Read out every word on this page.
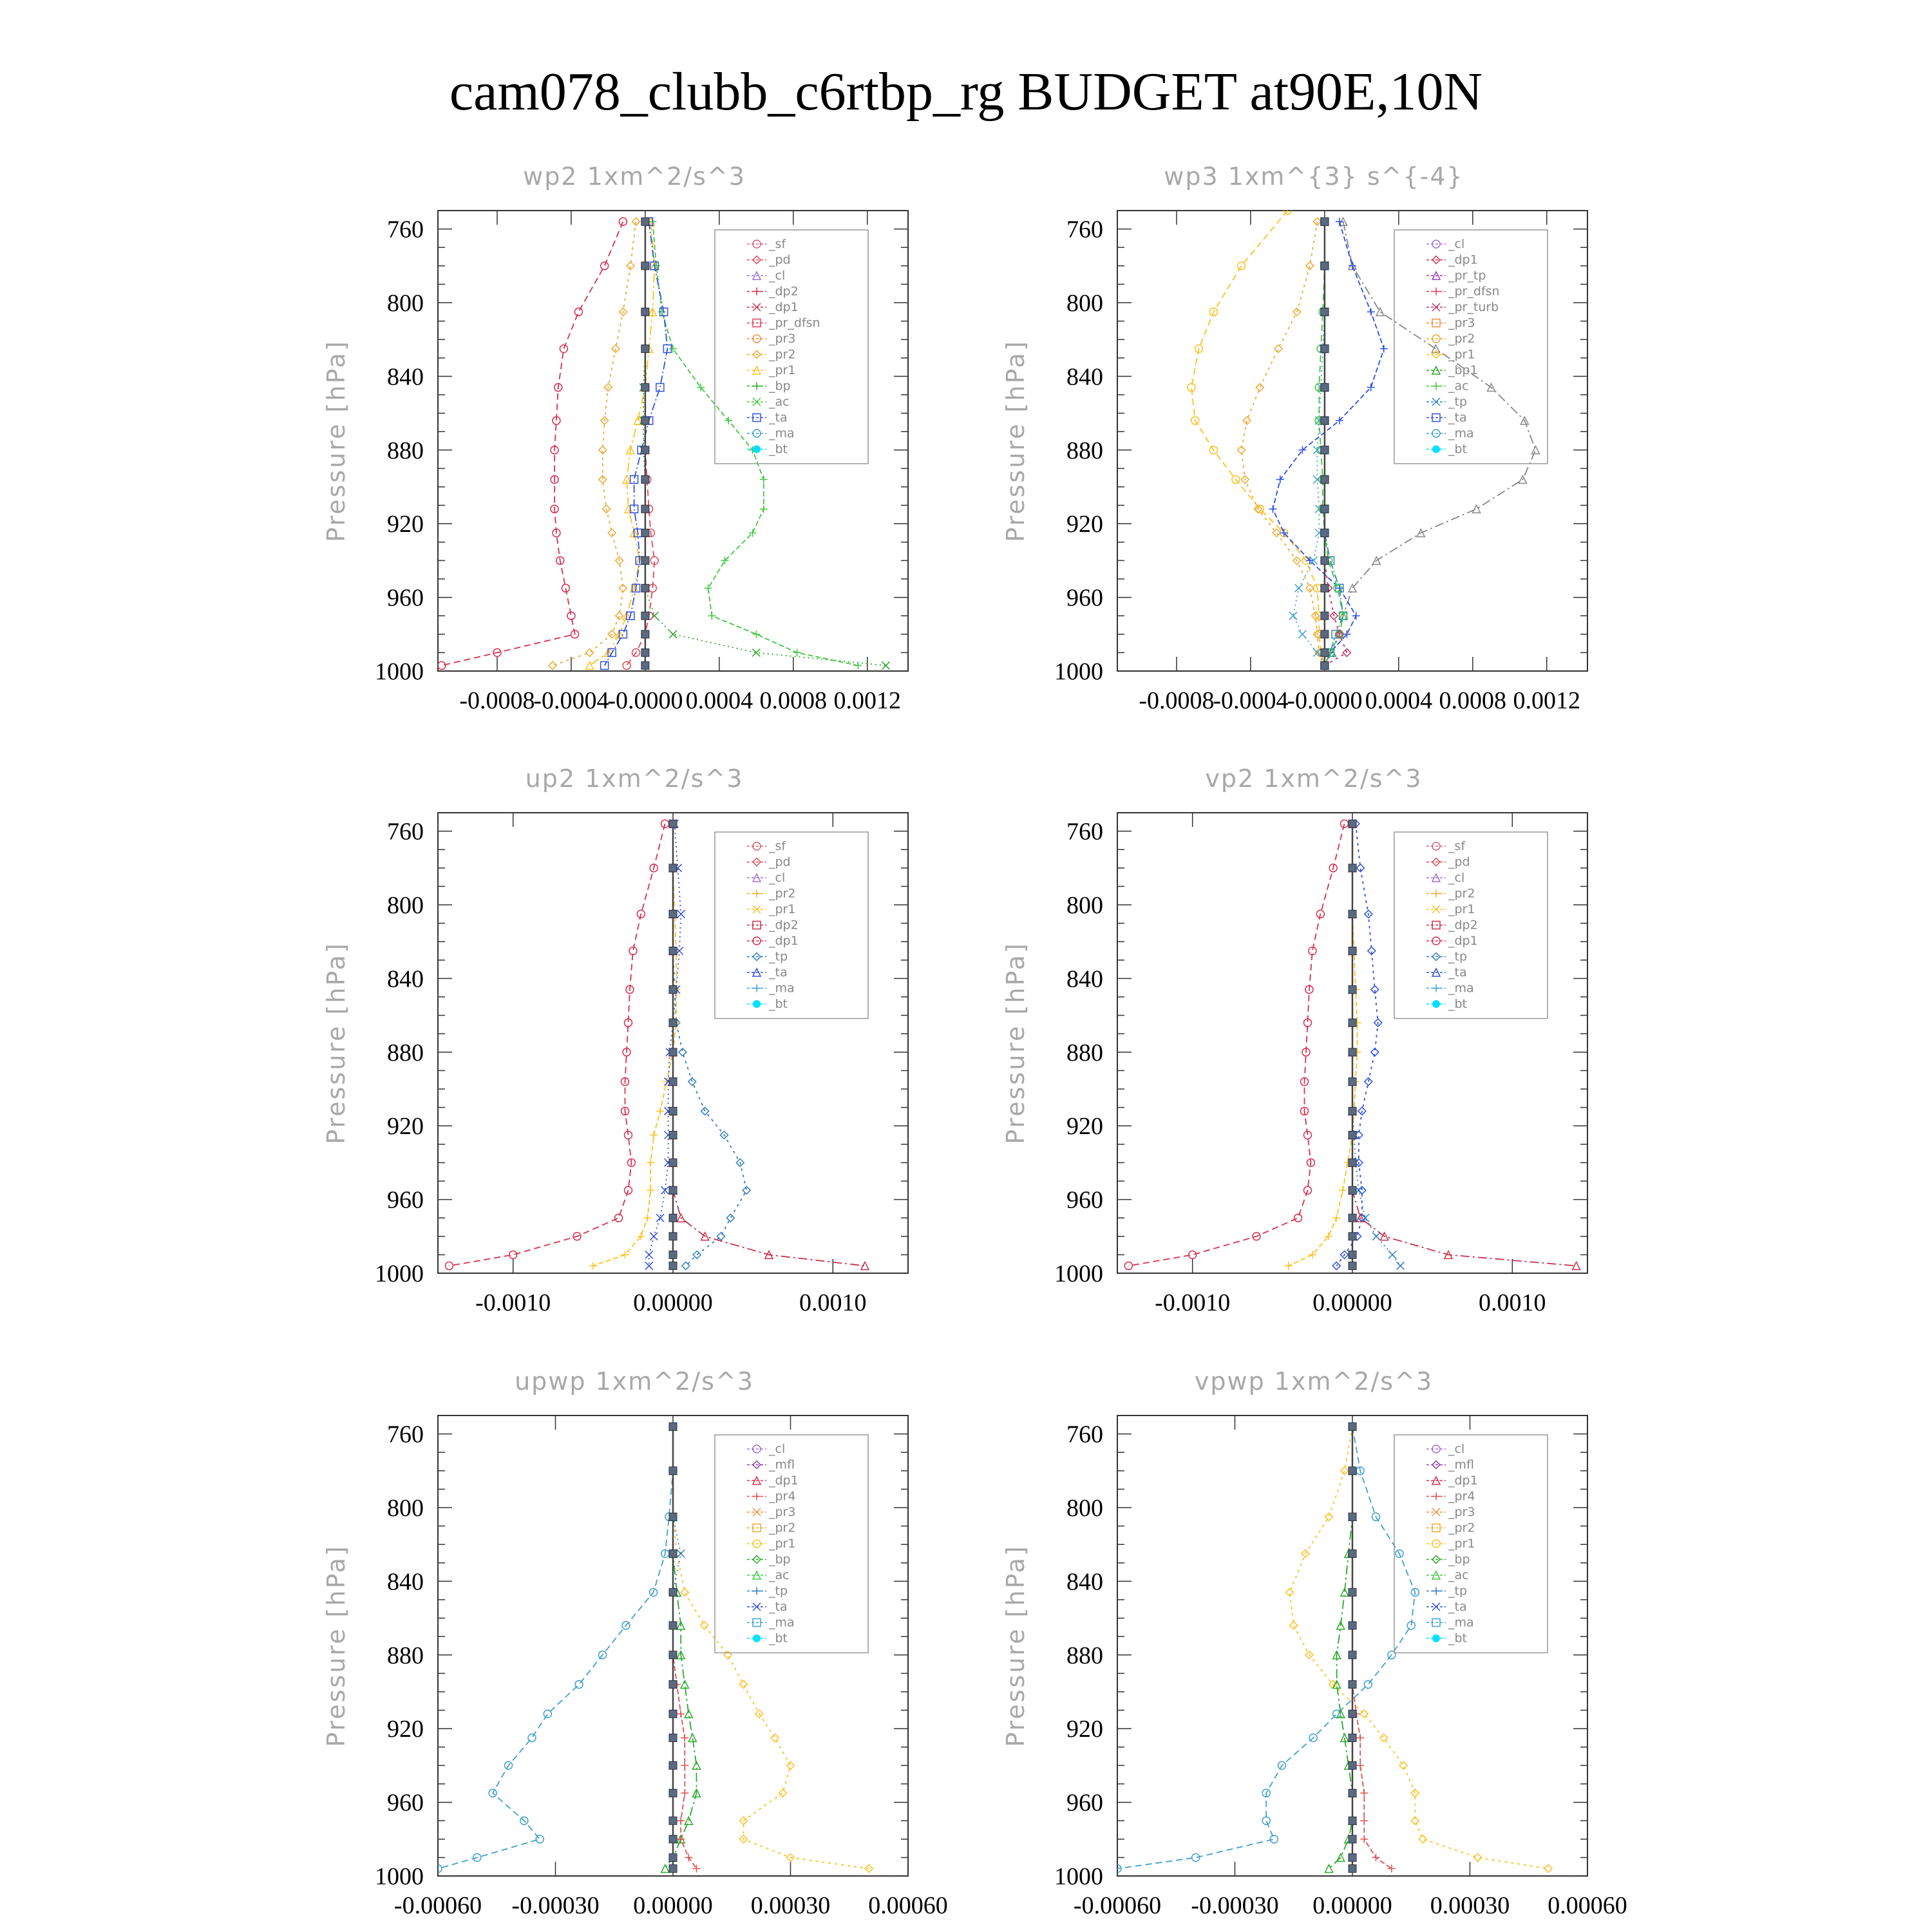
cam078_clubb_c6rtbp_rg BUDGET at90E,10N
wp2 1xm^2/s^3
Pressure [hPa]
760
800
840
880
920
960
1000
-0.0008
-0.0004
-0.0000 0.0004 0.0008 0.0012
_sf
_pd
_cl
_dp2
_dp1
_pr_dfsn
_pr3
_pr2
_pr1
_bp
_ac
_ta
_ma
_bt
wp3 1xm^{3} s^{-4}
Pressure [hPa]
760
800
840
880
920
960
1000
-0.0008
-0.0004
-0.0000 0.0004 0.0008 0.0012
_cl
_dp1
_pr_tp
_pr_dfsn
_pr_turb
_pr3
_pr2
_pr1
_bp1
_ac
_tp
_ta
_ma
_bt
up2 1xm^2/s^3
Pressure [hPa]
760
800
840
880
920
960
1000
-0.0010	0.00000	0.0010
_sf
_pd
_cl
_pr2
_pr1
_dp2
_dp1
_tp
_ta
_ma
_bt
vp2 1xm^2/s^3
Pressure [hPa]
760
800
840
880
920
960
1000
-0.0010	0.00000	0.0010
_sf
_pd
_cl
_pr2
_pr1
_dp2
_dp1
_tp
_ta
_ma
_bt
upwp 1xm^2/s^3
Pressure [hPa]
760
800
840
880
920
960
1000
-0.00060 -0.00030 0.00000 0.00030 0.00060
_cl
_mfl
_dp1
_pr4
_pr3
_pr2
_pr1
_bp
_ac
_tp
_ta
_ma
_bt
vpwp 1xm^2/s^3
Pressure [hPa]
760
800
840
880
920
960
1000
-0.00060 -0.00030 0.00000 0.00030 0.00060
_cl
_mfl
_dp1
_pr4
_pr3
_pr2
_pr1
_bp
_ac
_tp
_ta
_ma
_bt
